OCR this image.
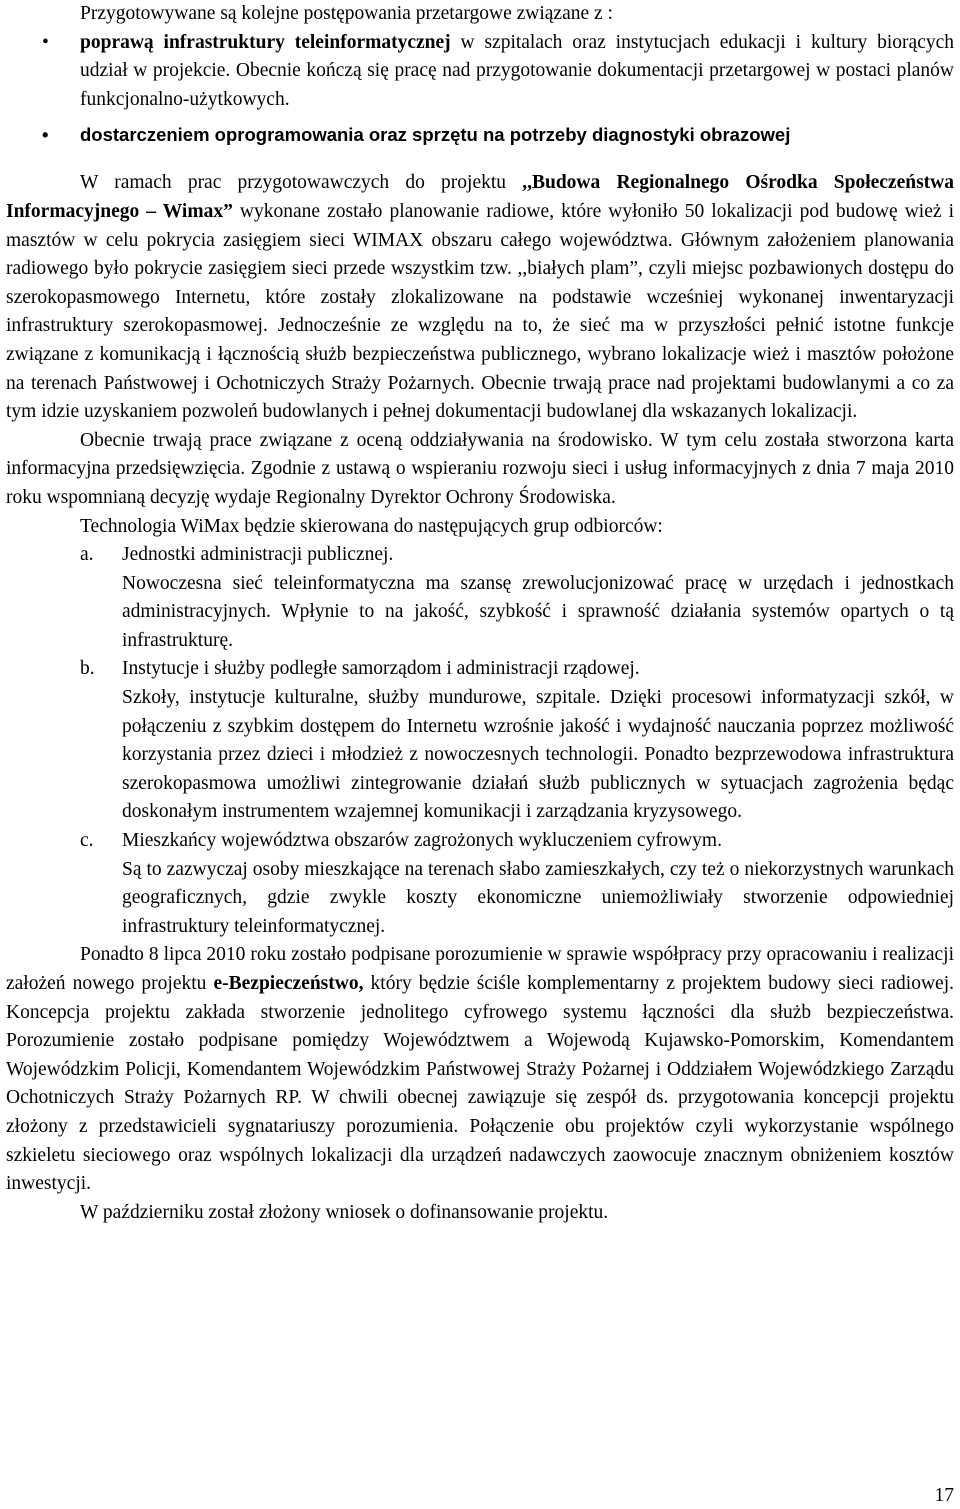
Przygotowywane są kolejne postępowania przetargowe związane z :

• poprawą infrastruktury teleinformatycznej w szpitalach oraz instytucjach edukacji i kultury biorących udział w projekcie. Obecnie kończą się pracę nad przygotowanie dokumentacji przetargowej w postaci planów funkcjonalno-użytkowych.

• dostarczeniem oprogramowania oraz sprzętu na potrzeby diagnostyki obrazowej

W ramach prac przygotowawczych do projektu ,,Budowa Regionalnego Ośrodka Społeczeństwa Informacyjnego – Wimax” wykonane zostało planowanie radiowe, które wyłoniło 50 lokalizacji pod budowę wież i masztów w celu pokrycia zasięgiem sieci WIMAX obszaru całego województwa. Głównym założeniem planowania radiowego było pokrycie zasięgiem sieci przede wszystkim tzw. ,,białych plam”, czyli miejsc pozbawionych dostępu do szerokopasmowego Internetu, które zostały zlokalizowane na podstawie wcześniej wykonanej inwentaryzacji infrastruktury szerokopasmowej. Jednocześnie ze względu na to, że sieć ma w przyszłości pełnić istotne funkcje związane z komunikacją i łącznością służb bezpieczeństwa publicznego, wybrano lokalizacje wież i masztów położone na terenach Państwowej i Ochotniczych Straży Pożarnych. Obecnie trwają prace nad projektami budowlanymi a co za tym idzie uzyskaniem pozwoleń budowlanych i pełnej dokumentacji budowlanej dla wskazanych lokalizacji.

Obecnie trwają prace związane z oceną oddziaływania na środowisko. W tym celu została stworzona karta informacyjna przedsięwzięcia. Zgodnie z ustawą o wspieraniu rozwoju sieci i usług informacyjnych z dnia 7 maja 2010 roku wspomnianą decyzję wydaje Regionalny Dyrektor Ochrony Środowiska.

Technologia WiMax będzie skierowana do następujących grup odbiorców:

a. Jednostki administracji publicznej.

Nowoczesna sieć teleinformatyczna ma szansę zrewolucjonizować pracę w urzędach i jednostkach administracyjnych. Wpłynie to na jakość, szybkość i sprawność działania systemów opartych o tą infrastrukturę.

b. Instytucje i służby podległe samorządom i administracji rządowej.

Szkoły, instytucje kulturalne, służby mundurowe, szpitale. Dzięki procesowi informatyzacji szkół, w połączeniu z szybkim dostępem do Internetu wzrośnie jakość i wydajność nauczania poprzez możliwość korzystania przez dzieci i młodzież z nowoczesnych technologii. Ponadto bezprzewodowa infrastruktura szerokopasmowa umożliwi zintegrowanie działań służb publicznych w sytuacjach zagrożenia będąc doskonałym instrumentem wzajemnej komunikacji i zarządzania kryzysowego.

c. Mieszkańcy województwa obszarów zagrożonych wykluczeniem cyfrowym.

Są to zazwyczaj osoby mieszkające na terenach słabo zamieszkałych, czy też o niekorzystnych warunkach geograficznych, gdzie zwykle koszty ekonomiczne uniemożliwiały stworzenie odpowiedniej infrastruktury teleinformatycznej.

Ponadto 8 lipca 2010 roku zostało podpisane porozumienie w sprawie współpracy przy opracowaniu i realizacji założeń nowego projektu e-Bezpieczeństwo, który będzie ściśle komplementarny z projektem budowy sieci radiowej. Koncepcja projektu zakłada stworzenie jednolitego cyfrowego systemu łączności dla służb bezpieczeństwa. Porozumienie zostało podpisane pomiędzy Województwem a Wojewodą Kujawsko-Pomorskim, Komendantem Wojewódzkim Policji, Komendantem Wojewódzkim Państwowej Straży Pożarnej i Oddziałem Wojewódzkiego Zarządu Ochotniczych Straży Pożarnych RP. W chwili obecnej zawiązuje się zespół ds. przygotowania koncepcji projektu złożony z przedstawicieli sygnatariuszy porozumienia. Połączenie obu projektów czyli wykorzystanie wspólnego szkieletu sieciowego oraz wspólnych lokalizacji dla urządzeń nadawczych zaowocuje znacznym obniżeniem kosztów inwestycji.

W październiku został złożony wniosek o dofinansowanie projektu.

17
